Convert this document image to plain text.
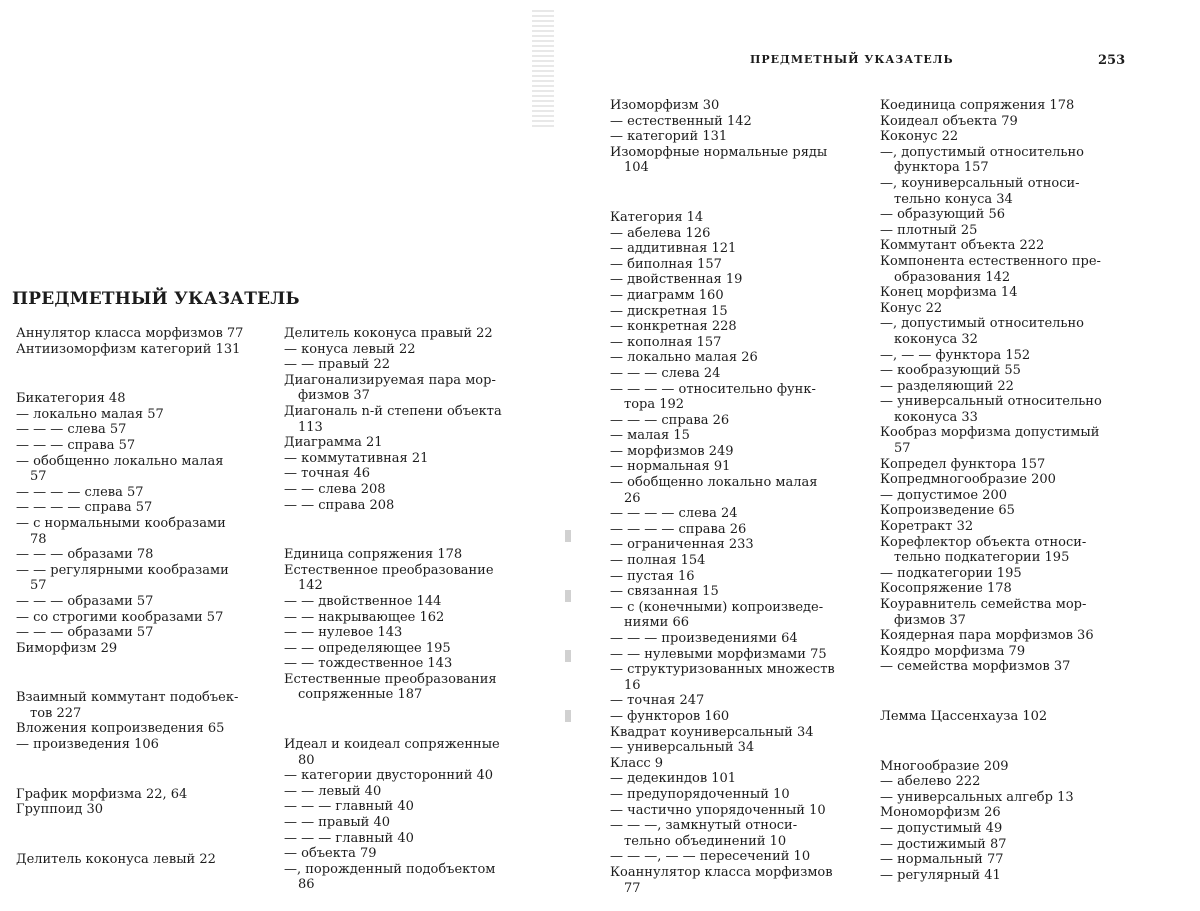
ПРЕДМЕТНЫЙ УКАЗАТЕЛЬ

Аннулятор класса морфизмов 77

Антиизоморфизм категорий 131

Бикатегория 48

— локально малая 57

— — — слева 57

— — — справа 57

— обобщенно локально малая

57

— — — — слева 57

— — — — справа 57

— с нормальными кообразами

78

— — — образами 78

— — регулярными кообразами

57

— — — образами 57

— со строгими кообразами 57

— — — образами 57

Биморфизм 29

Взаимный коммутант подобъек-

тов 227

Вложения копроизведения 65

— произведения 106

График морфизма 22, 64

Группоид 30

Делитель коконуса левый 22

Делитель коконуса правый 22

— конуса левый 22

— — правый 22

Диагонализируемая пара мор-

физмов 37

Диагональ n-й степени объекта

113

Диаграмма 21

— коммутативная 21

— точная 46

— — слева 208

— — справа 208

Единица сопряжения 178

Естественное преобразование

142

— — двойственное 144

— — накрывающее 162

— — нулевое 143

— — определяющее 195

— — тождественное 143

Естественные преобразования

сопряженные 187

Идеал и коидеал сопряженные

80

— категории двусторонний 40

— — левый 40

— — — главный 40

— — правый 40

— — — главный 40

— объекта 79

—, порожденный подобъектом

86

ПРЕДМЕТНЫЙ УКАЗАТЕЛЬ	253

Изоморфизм 30

— естественный 142

— категорий 131

Изоморфные нормальные ряды

104

Категория 14

— абелева 126

— аддитивная 121

— биполная 157

— двойственная 19

— диаграмм 160

— дискретная 15

— конкретная 228

— кополная 157

— локально малая 26

— — — слева 24

— — — — относительно функ-

тора 192

— — — справа 26

— малая 15

— морфизмов 249

— нормальная 91

— обобщенно локально малая

26

— — — — слева 24

— — — — справа 26

— ограниченная 233

— полная 154

— пустая 16

— связанная 15

— с (конечными) копроизведе-

ниями 66

— — — произведениями 64

— — нулевыми морфизмами 75

— структуризованных множеств

16

— точная 247

— функторов 160

Квадрат коуниверсальный 34

— универсальный 34

Класс 9

— дедекиндов 101

— предупорядоченный 10

— частично упорядоченный 10

— — —, замкнутый относи-

тельно объединений 10

— — —, — — пересечений 10

Коаннулятор класса морфизмов

77

Коединица сопряжения 178

Коидеал объекта 79

Коконус 22

—, допустимый относительно

функтора 157

—, коуниверсальный относи-

тельно конуса 34

— образующий 56

— плотный 25

Коммутант объекта 222

Компонента естественного пре-

образования 142

Конец морфизма 14

Конус 22

—, допустимый относительно

коконуса 32

—, — — функтора 152

— кообразующий 55

— разделяющий 22

— универсальный относительно

коконуса 33

Кообраз морфизма допустимый

57

Копредел функтора 157

Копредмногообразие 200

— допустимое 200

Копроизведение 65

Коретракт 32

Корефлектор объекта относи-

тельно подкатегории 195

— подкатегории 195

Косопряжение 178

Коуравнитель семейства мор-

физмов 37

Коядерная пара морфизмов 36

Коядро морфизма 79

— семейства морфизмов 37

Лемма Цассенхауза 102

Многообразие 209

— абелево 222

— универсальных алгебр 13

Мономорфизм 26

— допустимый 49

— достижимый 87

— нормальный 77

— регулярный 41
